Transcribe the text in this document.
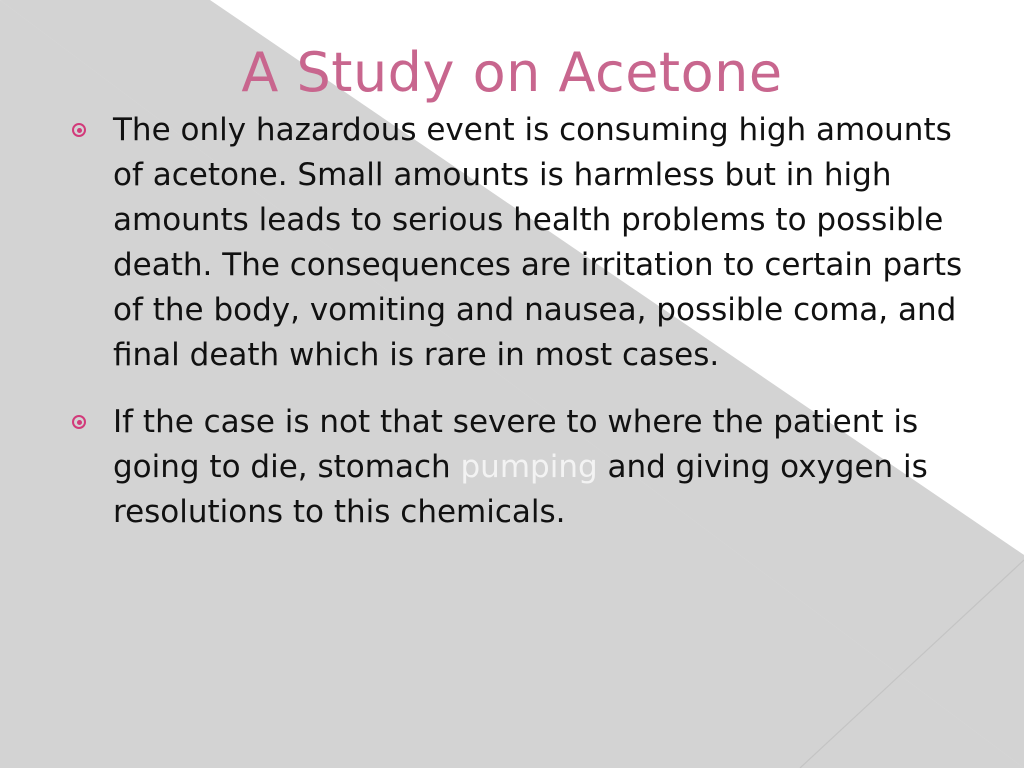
A Study on Acetone
The only hazardous event is consuming high amounts of acetone. Small amounts is harmless but in high amounts leads to serious health problems to possible death. The consequences are irritation to certain parts of the body, vomiting and nausea, possible coma, and final death which is rare in most cases.
If the case is not that severe to where the patient is going to die, stomach pumping and giving oxygen is resolutions to this chemicals.
